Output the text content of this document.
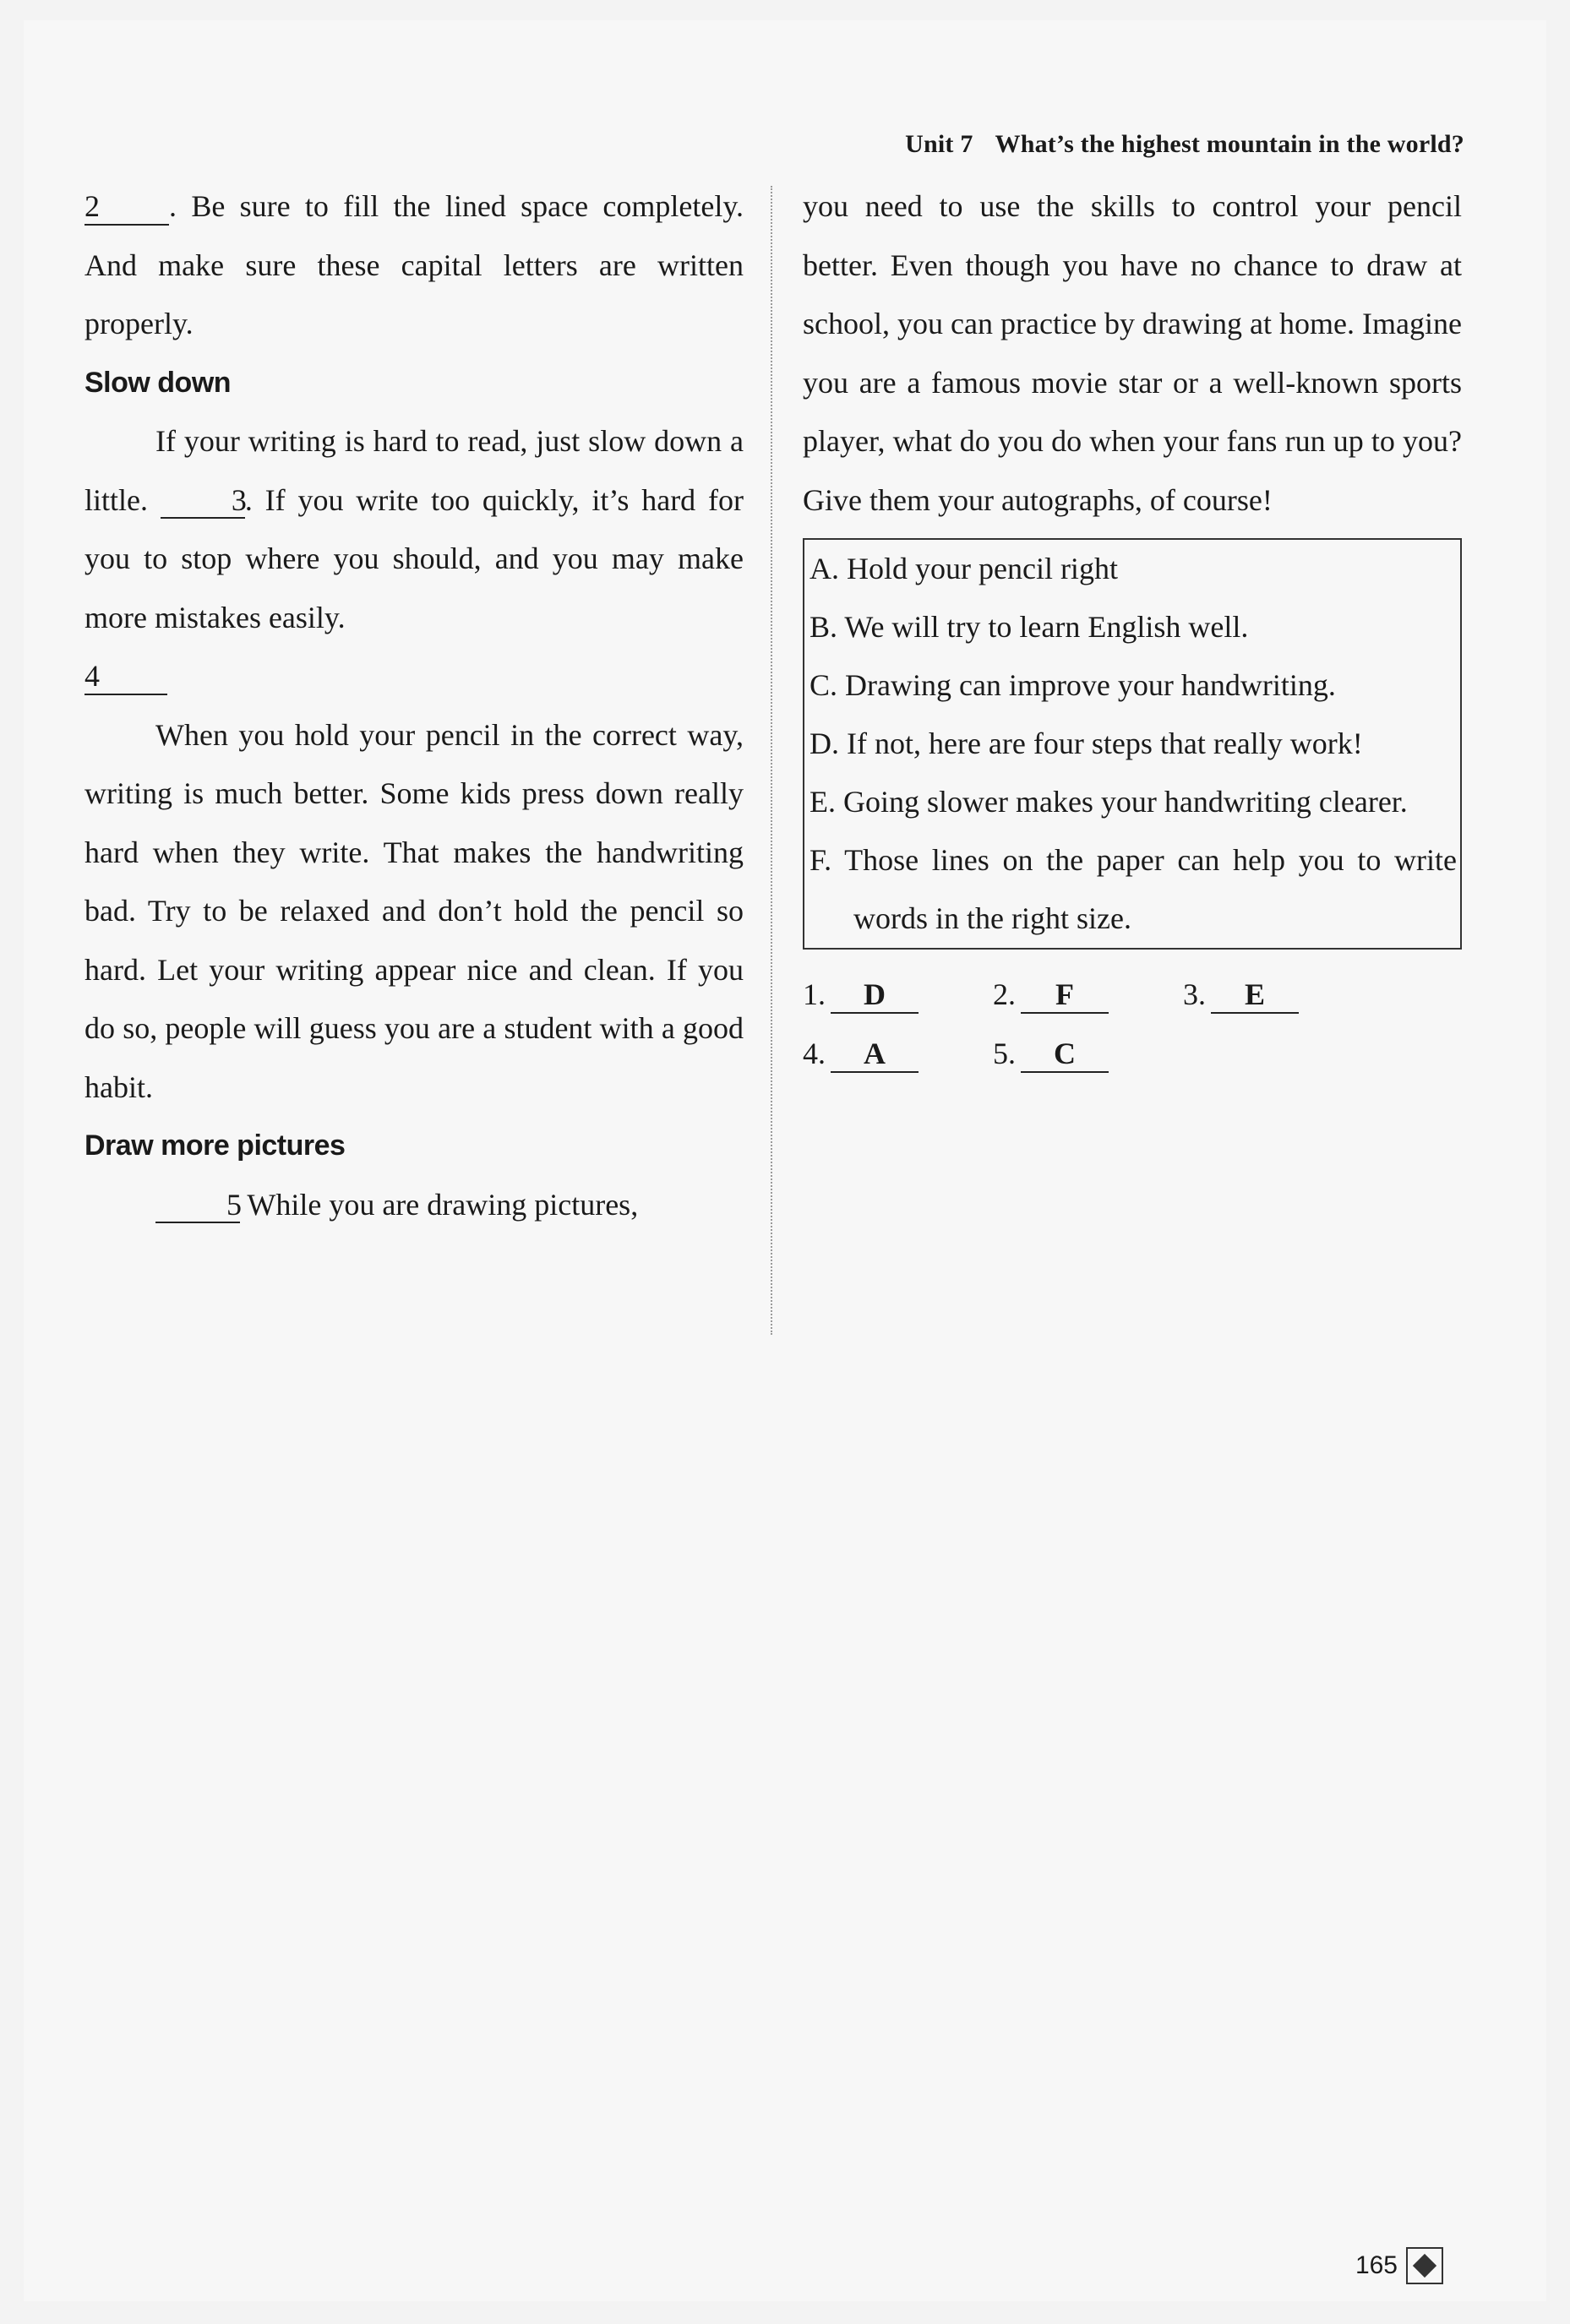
Unit 7 What’s the highest mountain in the world?

2 . Be sure to fill the lined space completely. And make sure these capital letters are written properly.

Slow down

If your writing is hard to read, just slow down a little.	3. If you write too quickly, it’s hard for you to stop where you should, and you may make more mistakes easily.

4

When you hold your pencil in the correct way, writing is much better. Some kids press down really hard when they write. That makes the handwriting bad. Try to be relaxed and don’t hold the pencil so hard. Let your writing appear nice and clean. If you do so, people will guess you are a student with a good habit.

Draw more pictures

5 While you are drawing pictures,

you need to use the skills to control your pencil better. Even though you have no chance to draw at school, you can practice by drawing at home. Imagine you are a famous movie star or a well-known sports player, what do you do when your fans run up to you? Give them your autographs, of course!

A. Hold your pencil right

B. We will try to learn English well.

C. Drawing can improve your handwriting.

D. If not, here are four steps that really work!

E. Going slower makes your handwriting clearer.

F. Those lines on the paper can help you to write words in the right size.

1. D	2. F	3. E
4. A	5. C
165
